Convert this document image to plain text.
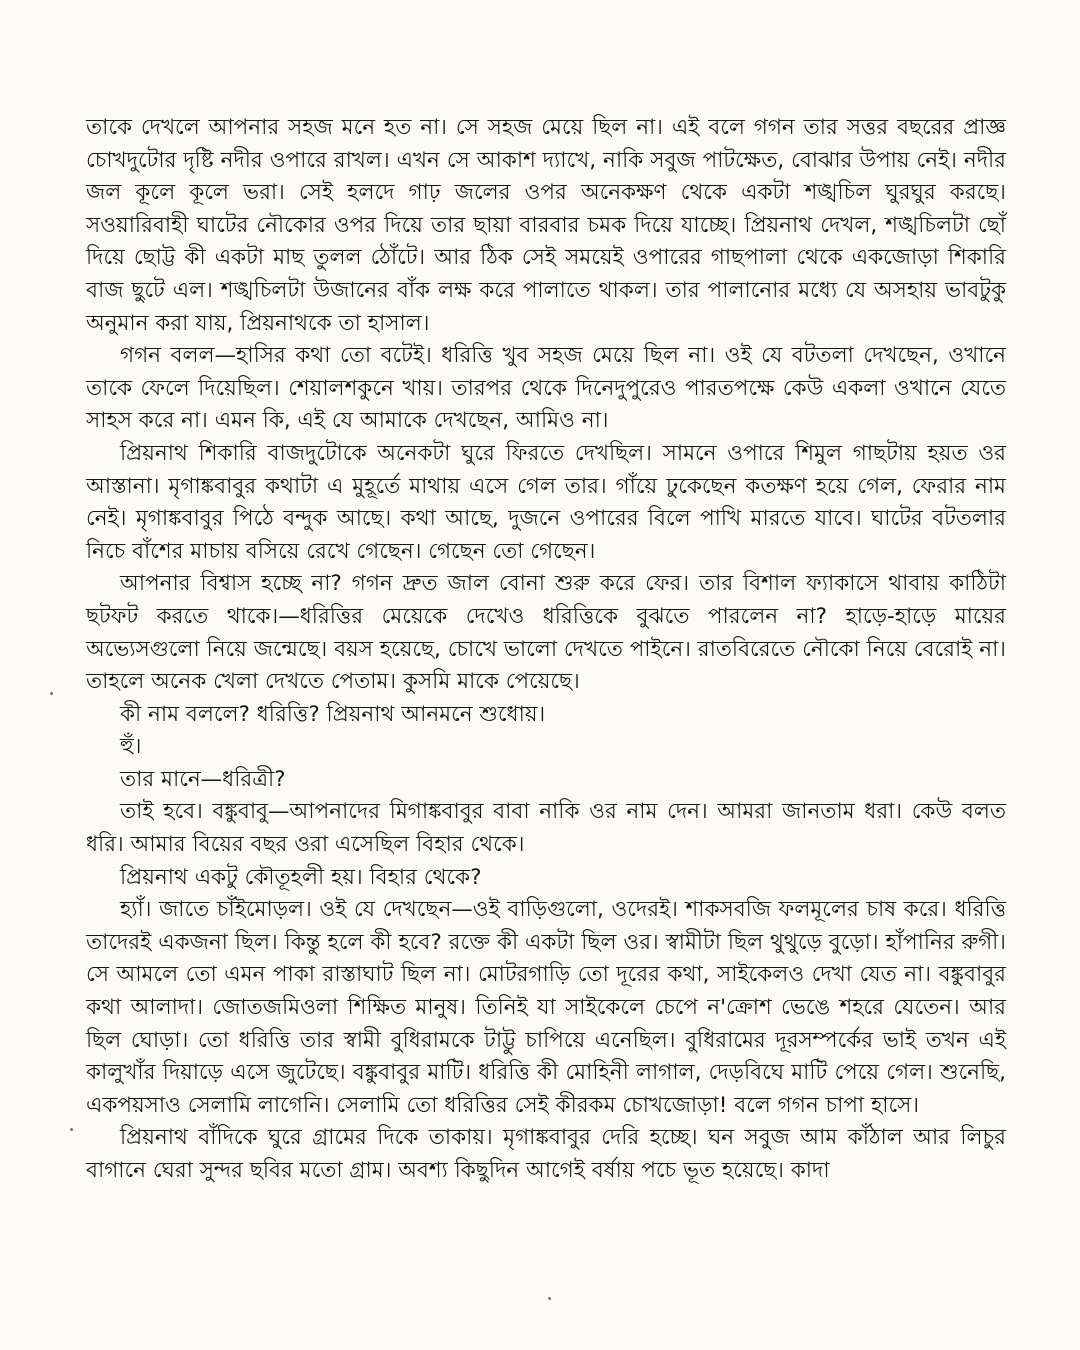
তাকে দেখলে আপনার সহজ মনে হত না। সে সহজ মেয়ে ছিল না। এই বলে গগন তার সত্তর বছরের প্রাজ্ঞ চোখদুটোর দৃষ্টি নদীর ওপারে রাখল। এখন সে আকাশ দ্যাখে, নাকি সবুজ পাটক্ষেত, বোঝার উপায় নেই। নদীর জল কূলে কূলে ভরা। সেই হলদে গাঢ় জলের ওপর অনেকক্ষণ থেকে একটা শঙ্খচিল ঘুরঘুর করছে। সওয়ারিবাহী ঘাটের নৌকোর ওপর দিয়ে তার ছায়া বারবার চমক দিয়ে যাচ্ছে। প্রিয়নাথ দেখল, শঙ্খচিলটা ছোঁ দিয়ে ছোট্ট কী একটা মাছ তুলল ঠোঁটে। আর ঠিক সেই সময়েই ওপারের গাছপালা থেকে একজোড়া শিকারি বাজ ছুটে এল। শঙ্খচিলটা উজানের বাঁক লক্ষ করে পালাতে থাকল। তার পালানোর মধ্যে যে অসহায় ভাবটুকু অনুমান করা যায়, প্রিয়নাথকে তা হাসাল।

গগন বলল—হাসির কথা তো বটেই। ধরিত্তি খুব সহজ মেয়ে ছিল না। ওই যে বটতলা দেখছেন, ওখানে তাকে ফেলে দিয়েছিল। শেয়ালশকুনে খায়। তারপর থেকে দিনেদুপুরেও পারতপক্ষে কেউ একলা ওখানে যেতে সাহস করে না। এমন কি, এই যে আমাকে দেখছেন, আমিও না।

প্রিয়নাথ শিকারি বাজদুটোকে অনেকটা ঘুরে ফিরতে দেখছিল। সামনে ওপারে শিমুল গাছটায় হয়ত ওর আস্তানা। মৃগাঙ্কবাবুর কথাটা এ মুহূর্তে মাথায় এসে গেল তার। গাঁয়ে ঢুকেছেন কতক্ষণ হয়ে গেল, ফেরার নাম নেই। মৃগাঙ্কবাবুর পিঠে বন্দুক আছে। কথা আছে, দুজনে ওপারের বিলে পাখি মারতে যাবে। ঘাটের বটতলার নিচে বাঁশের মাচায় বসিয়ে রেখে গেছেন। গেছেন তো গেছেন।

আপনার বিশ্বাস হচ্ছে না? গগন দ্রুত জাল বোনা শুরু করে ফের। তার বিশাল ফ্যাকাসে থাবায় কাঠিটা ছটফট করতে থাকে।—ধরিত্তির মেয়েকে দেখেও ধরিত্তিকে বুঝতে পারলেন না? হাড়ে-হাড়ে মায়ের অভ্যেসগুলো নিয়ে জন্মেছে। বয়স হয়েছে, চোখে ভালো দেখতে পাইনে। রাতবিরেতে নৌকো নিয়ে বেরোই না। তাহলে অনেক খেলা দেখতে পেতাম। কুসমি মাকে পেয়েছে।

কী নাম বললে? ধরিত্তি? প্রিয়নাথ আনমনে শুধোয়।

হুঁ।

তার মানে—ধরিত্রী?

তাই হবে। বঙ্কুবাবু—আপনাদের মিগাঙ্কবাবুর বাবা নাকি ওর নাম দেন। আমরা জানতাম ধরা। কেউ বলত ধরি। আমার বিয়ের বছর ওরা এসেছিল বিহার থেকে।

প্রিয়নাথ একটু কৌতূহলী হয়। বিহার থেকে?

হ্যাঁ। জাতে চাঁইমোড়ল। ওই যে দেখছেন—ওই বাড়িগুলো, ওদেরই। শাকসবজি ফলমূলের চাষ করে। ধরিত্তি তাদেরই একজনা ছিল। কিন্তু হলে কী হবে? রক্তে কী একটা ছিল ওর। স্বামীটা ছিল থুথুড়ে বুড়ো। হাঁপানির রুগী। সে আমলে তো এমন পাকা রাস্তাঘাট ছিল না। মোটরগাড়ি তো দূরের কথা, সাইকেলও দেখা যেত না। বঙ্কুবাবুর কথা আলাদা। জোতজমিওলা শিক্ষিত মানুষ। তিনিই যা সাইকেলে চেপে ন'ক্রোশ ভেঙে শহরে যেতেন। আর ছিল ঘোড়া। তো ধরিত্তি তার স্বামী বুধিরামকে টাট্টু চাপিয়ে এনেছিল। বুধিরামের দূরসম্পর্কের ভাই তখন এই কালুখাঁর দিয়াড়ে এসে জুটেছে। বঙ্কুবাবুর মাটি। ধরিত্তি কী মোহিনী লাগাল, দেড়বিঘে মাটি পেয়ে গেল। শুনেছি, একপয়সাও সেলামি লাগেনি। সেলামি তো ধরিত্তির সেই কীরকম চোখজোড়া! বলে গগন চাপা হাসে।

প্রিয়নাথ বাঁদিকে ঘুরে গ্রামের দিকে তাকায়। মৃগাঙ্কবাবুর দেরি হচ্ছে। ঘন সবুজ আম কাঁঠাল আর লিচুর বাগানে ঘেরা সুন্দর ছবির মতো গ্রাম। অবশ্য কিছুদিন আগেই বর্ষায় পচে ভূত হয়েছে। কাদা
